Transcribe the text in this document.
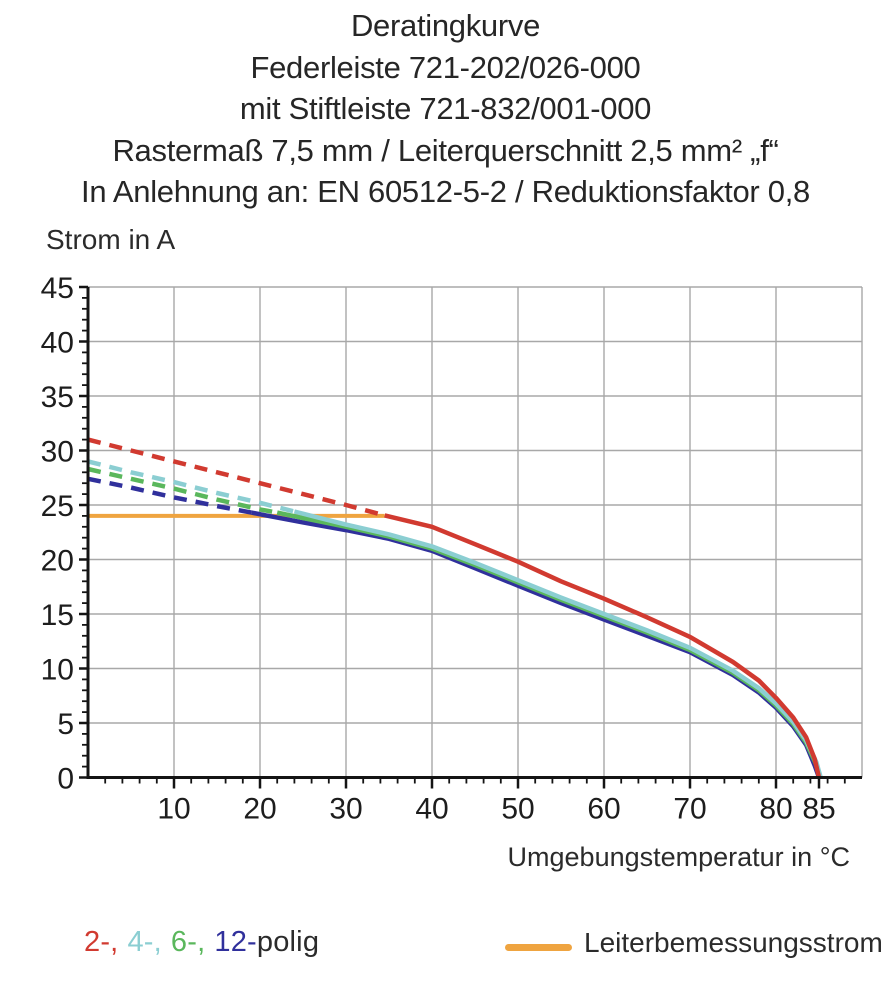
10 20 30 40 50 60 70 80 85
0
5
10
15
20
25
30
35
40
45
Deratingkurve
Federleiste 721-202/026-000
mit Stiftleiste 721-832/001-000
Rastermaß 7,5 mm / Leiterquerschnitt 2,5 mm² „f“
In Anlehnung an: EN 60512-5-2 / Reduktionsfaktor 0,8
Strom in A
Umgebungstemperatur in °C
2-, 4-, 6-, 12-polig	Leiterbemessungsstrom
